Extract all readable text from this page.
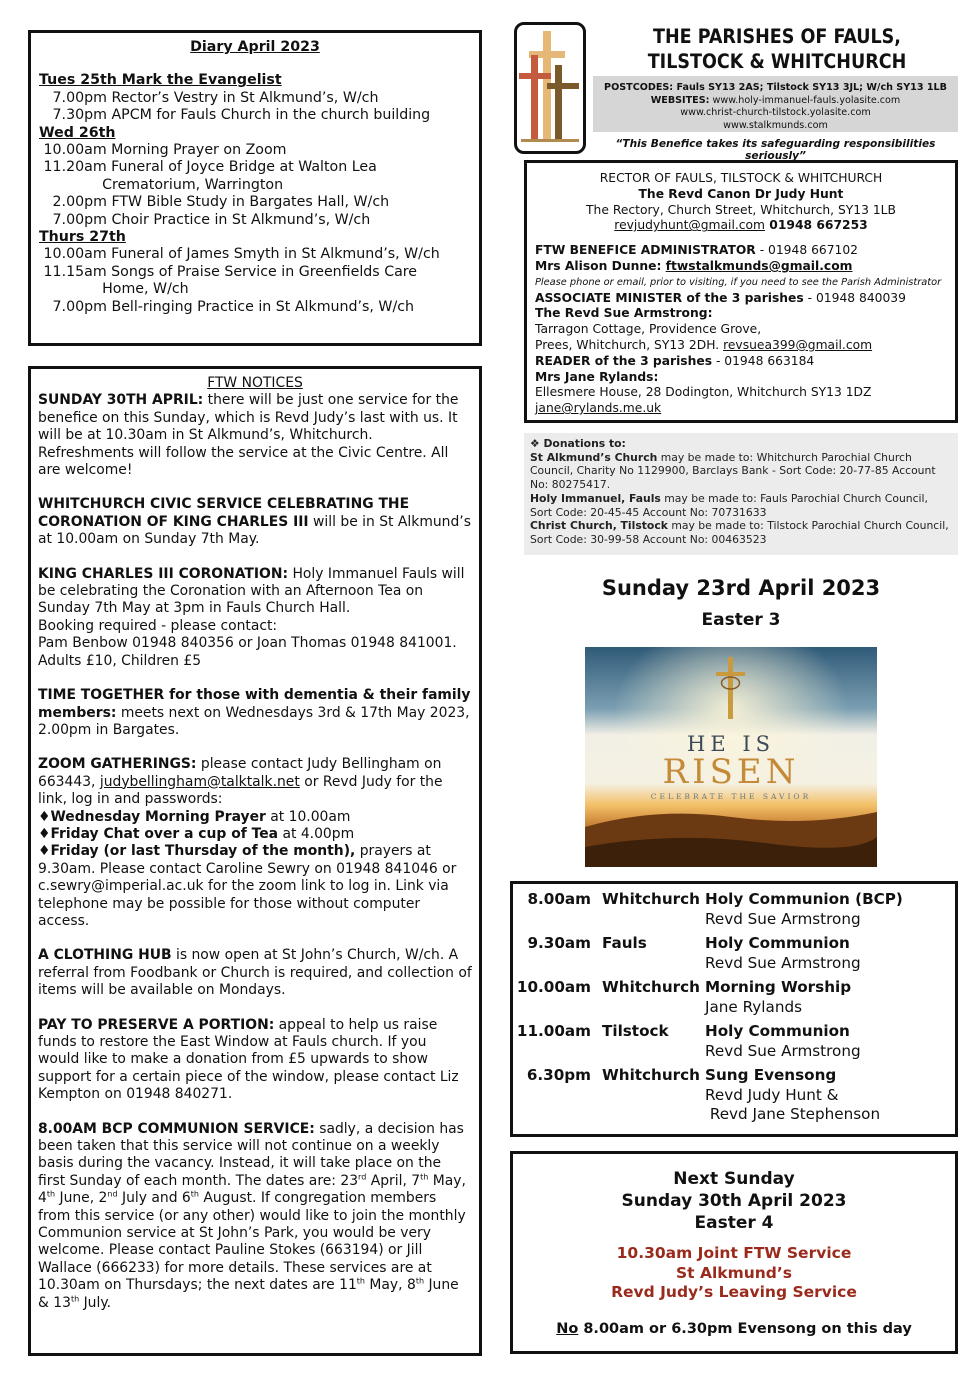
Diary April 2023
Tues 25th Mark the Evangelist
7.00pm Rector’s Vestry in St Alkmund’s, W/ch
7.30pm APCM for Fauls Church in the church building
Wed 26th
10.00am Morning Prayer on Zoom
11.20am Funeral of Joyce Bridge at Walton Lea
Crematorium, Warrington
2.00pm FTW Bible Study in Bargates Hall, W/ch
7.00pm Choir Practice in St Alkmund’s, W/ch
Thurs 27th
10.00am Funeral of James Smyth in St Alkmund’s, W/ch
11.15am Songs of Praise Service in Greenfields Care
Home, W/ch
7.00pm Bell-ringing Practice in St Alkmund’s, W/ch
FTW NOTICES

SUNDAY 30TH APRIL: there will be just one service for the benefice on this Sunday, which is Revd Judy’s last with us. It will be at 10.30am in St Alkmund’s, Whitchurch. Refreshments will follow the service at the Civic Centre. All are welcome!

WHITCHURCH CIVIC SERVICE CELEBRATING THE CORONATION OF KING CHARLES III will be in St Alkmund’s at 10.00am on Sunday 7th May.

KING CHARLES III CORONATION: Holy Immanuel Fauls will be celebrating the Coronation with an Afternoon Tea on Sunday 7th May at 3pm in Fauls Church Hall.
Booking required - please contact:
Pam Benbow 01948 840356 or Joan Thomas 01948 841001. Adults £10, Children £5

TIME TOGETHER for those with dementia & their family members: meets next on Wednesdays 3rd & 17th May 2023, 2.00pm in Bargates.

ZOOM GATHERINGS: please contact Judy Bellingham on 663443, judybellingham@talktalk.net or Revd Judy for the link, log in and passwords:
♦Wednesday Morning Prayer at 10.00am
♦Friday Chat over a cup of Tea at 4.00pm
♦Friday (or last Thursday of the month), prayers at 9.30am. Please contact Caroline Sewry on 01948 841046 or c.sewry@imperial.ac.uk for the zoom link to log in. Link via telephone may be possible for those without computer access.

A CLOTHING HUB is now open at St John’s Church, W/ch. A referral from Foodbank or Church is required, and collection of items will be available on Mondays.

PAY TO PRESERVE A PORTION: appeal to help us raise funds to restore the East Window at Fauls church. If you would like to make a donation from £5 upwards to show support for a certain piece of the window, please contact Liz Kempton on 01948 840271.

8.00AM BCP COMMUNION SERVICE: sadly, a decision has been taken that this service will not continue on a weekly basis during the vacancy. Instead, it will take place on the first Sunday of each month. The dates are: 23rd April, 7th May, 4th June, 2nd July and 6th August. If congregation members from this service (or any other) would like to join the monthly Communion service at St John’s Park, you would be very welcome. Please contact Pauline Stokes (663194) or Jill Wallace (666233) for more details. These services are at 10.30am on Thursdays; the next dates are 11th May, 8th June & 13th July.

THE PARISHES OF FAULS,
TILSTOCK & WHITCHURCH
POSTCODES: Fauls SY13 2AS; Tilstock SY13 3JL; W/ch SY13 1LB
WEBSITES: www.holy-immanuel-fauls.yolasite.com
www.christ-church-tilstock.yolasite.com
www.stalkmunds.com
“This Benefice takes its safeguarding responsibilities seriously”
RECTOR OF FAULS, TILSTOCK & WHITCHURCH
The Revd Canon Dr Judy Hunt
The Rectory, Church Street, Whitchurch, SY13 1LB
revjudyhunt@gmail.com 01948 667253
FTW BENEFICE ADMINISTRATOR - 01948 667102
Mrs Alison Dunne: ftwstalkmunds@gmail.com
Please phone or email, prior to visiting, if you need to see the Parish Administrator
ASSOCIATE MINISTER of the 3 parishes - 01948 840039
The Revd Sue Armstrong:
Tarragon Cottage, Providence Grove,
Prees, Whitchurch, SY13 2DH. revsuea399@gmail.com
READER of the 3 parishes - 01948 663184
Mrs Jane Rylands:
Ellesmere House, 28 Dodington, Whitchurch SY13 1DZ
jane@rylands.me.uk
❖ Donations to:
St Alkmund’s Church may be made to: Whitchurch Parochial Church Council, Charity No 1129900, Barclays Bank - Sort Code: 20-77-85 Account No: 80275417.
Holy Immanuel, Fauls may be made to: Fauls Parochial Church Council, Sort Code: 20-45-45 Account No: 70731633
Christ Church, Tilstock may be made to: Tilstock Parochial Church Council, Sort Code: 30-99-58 Account No: 00463523
Sunday 23rd April 2023
Easter 3
HE IS
RISEN
CELEBRATE THE SAVIOR
8.00am Whitchurch Holy Communion (BCP)
Revd Sue Armstrong
9.30am Fauls	Holy Communion
Revd Sue Armstrong
10.00am Whitchurch Morning Worship
Jane Rylands
11.00am Tilstock Holy Communion
Revd Sue Armstrong
6.30pm Whitchurch Sung Evensong
Revd Judy Hunt &
Revd Jane Stephenson
Next Sunday
Sunday 30th April 2023
Easter 4
10.30am Joint FTW Service
St Alkmund’s
Revd Judy’s Leaving Service
No 8.00am or 6.30pm Evensong on this day
